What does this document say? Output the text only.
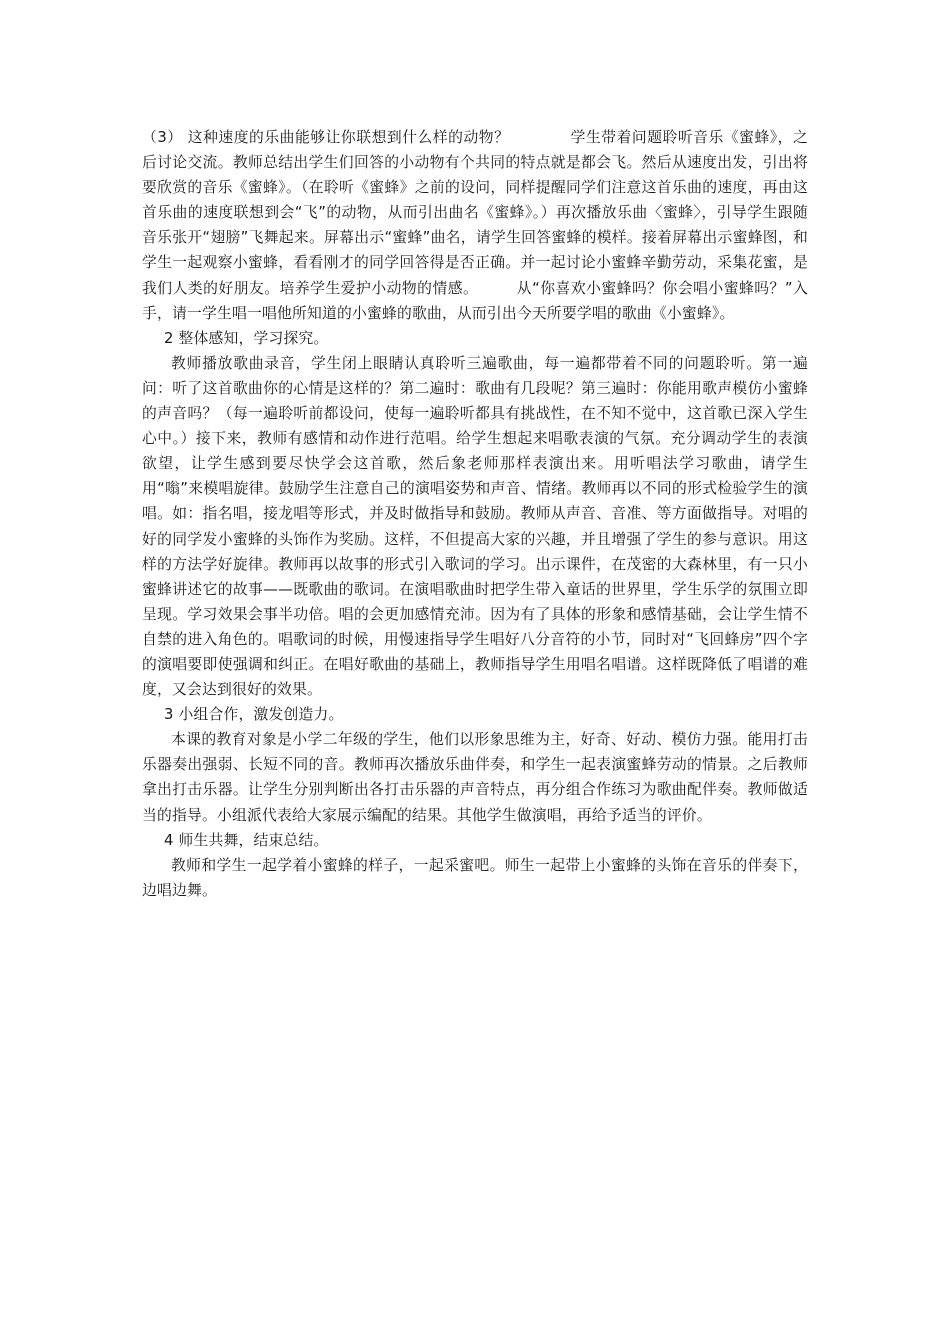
（3） 这种速度的乐曲能够让你联想到什么样的动物？　　　　学生带着问题聆听音乐《蜜蜂》，之后讨论交流。教师总结出学生们回答的小动物有个共同的特点就是都会飞。然后从速度出发，引出将要欣赏的音乐《蜜蜂》。（在聆听《蜜蜂》之前的设问，同样提醒同学们注意这首乐曲的速度，再由这首乐曲的速度联想到会“飞”的动物，从而引出曲名《蜜蜂》。）再次播放乐曲〈蜜蜂〉，引导学生跟随音乐张开“翅膀”飞舞起来。屏幕出示“蜜蜂”曲名，请学生回答蜜蜂的模样。接着屏幕出示蜜蜂图，和学生一起观察小蜜蜂，看看刚才的同学回答得是否正确。并一起讨论小蜜蜂辛勤劳动，采集花蜜，是我们人类的好朋友。培养学生爱护小动物的情感。　　　从“你喜欢小蜜蜂吗？你会唱小蜜蜂吗？”入手，请一学生唱一唱他所知道的小蜜蜂的歌曲，从而引出今天所要学唱的歌曲《小蜜蜂》。

2 整体感知，学习探究。

教师播放歌曲录音，学生闭上眼睛认真聆听三遍歌曲，每一遍都带着不同的问题聆听。第一遍问：听了这首歌曲你的心情是这样的？第二遍时：歌曲有几段呢？第三遍时：你能用歌声模仿小蜜蜂的声音吗？（每一遍聆听前都设问，使每一遍聆听都具有挑战性，在不知不觉中，这首歌已深入学生心中。）接下来，教师有感情和动作进行范唱。给学生想起来唱歌表演的气氛。充分调动学生的表演欲望，让学生感到要尽快学会这首歌，然后象老师那样表演出来。用听唱法学习歌曲，请学生用“嗡”来模唱旋律。鼓励学生注意自己的演唱姿势和声音、情绪。教师再以不同的形式检验学生的演唱。如：指名唱，接龙唱等形式，并及时做指导和鼓励。教师从声音、音准、等方面做指导。对唱的好的同学发小蜜蜂的头饰作为奖励。这样，不但提高大家的兴趣，并且增强了学生的参与意识。用这样的方法学好旋律。教师再以故事的形式引入歌词的学习。出示课件，在茂密的大森林里，有一只小蜜蜂讲述它的故事——既歌曲的歌词。在演唱歌曲时把学生带入童话的世界里，学生乐学的氛围立即呈现。学习效果会事半功倍。唱的会更加感情充沛。因为有了具体的形象和感情基础，会让学生情不自禁的进入角色的。唱歌词的时候，用慢速指导学生唱好八分音符的小节，同时对“飞回蜂房”四个字的演唱要即使强调和纠正。在唱好歌曲的基础上，教师指导学生用唱名唱谱。这样既降低了唱谱的难度，又会达到很好的效果。

3 小组合作，激发创造力。

本课的教育对象是小学二年级的学生，他们以形象思维为主，好奇、好动、模仿力强。能用打击乐器奏出强弱、长短不同的音。教师再次播放乐曲伴奏，和学生一起表演蜜蜂劳动的情景。之后教师拿出打击乐器。让学生分别判断出各打击乐器的声音特点，再分组合作练习为歌曲配伴奏。教师做适当的指导。小组派代表给大家展示编配的结果。其他学生做演唱，再给予适当的评价。

4 师生共舞，结束总结。

教师和学生一起学着小蜜蜂的样子，一起采蜜吧。师生一起带上小蜜蜂的头饰在音乐的伴奏下，边唱边舞。
